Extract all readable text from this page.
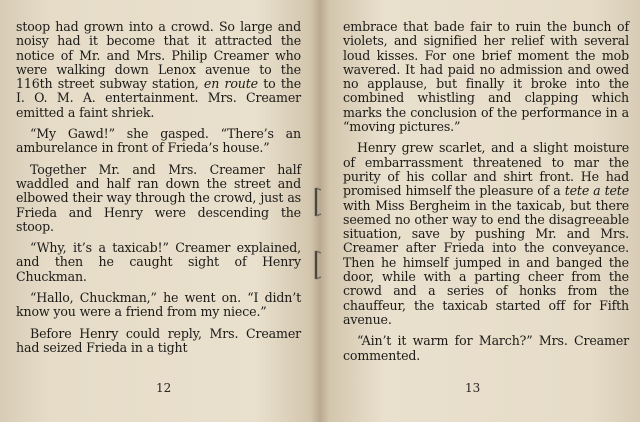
stoop had grown into a crowd. So large and noisy had it become that it attracted the notice of Mr. and Mrs. Philip Creamer who were walking down Lenox avenue to the 116th street subway station, en route to the I. O. M. A. entertainment. Mrs. Creamer emitted a faint shriek.

“My Gawd!” she gasped. “There’s an amburelance in front of Frieda’s house.”

Together Mr. and Mrs. Creamer half waddled and half ran down the street and elbowed their way through the crowd, just as Frieda and Henry were descending the stoop.

“Why, it’s a taxicab!” Creamer explained, and then he caught sight of Henry Chuckman.

“Hallo, Chuckman,” he went on. “I didn’t know you were a friend from my niece.”

Before Henry could reply, Mrs. Creamer had seized Frieda in a tight

12

embrace that bade fair to ruin the bunch of violets, and signified her relief with several loud kisses. For one brief moment the mob wavered. It had paid no admission and owed no applause, but finally it broke into the combined whistling and clapping which marks the conclusion of the performance in a “moving pictures.”

Henry grew scarlet, and a slight moisture of embarrassment threatened to mar the purity of his collar and shirt front. He had promised himself the pleasure of a tete a tete with Miss Bergheim in the taxicab, but there seemed no other way to end the disagreeable situation, save by pushing Mr. and Mrs. Creamer after Frieda into the conveyance. Then he himself jumped in and banged the door, while with a parting cheer from the crowd and a series of honks from the chauffeur, the taxicab started off for Fifth avenue.

“Ain’t it warm for March?” Mrs. Creamer commented.

13
